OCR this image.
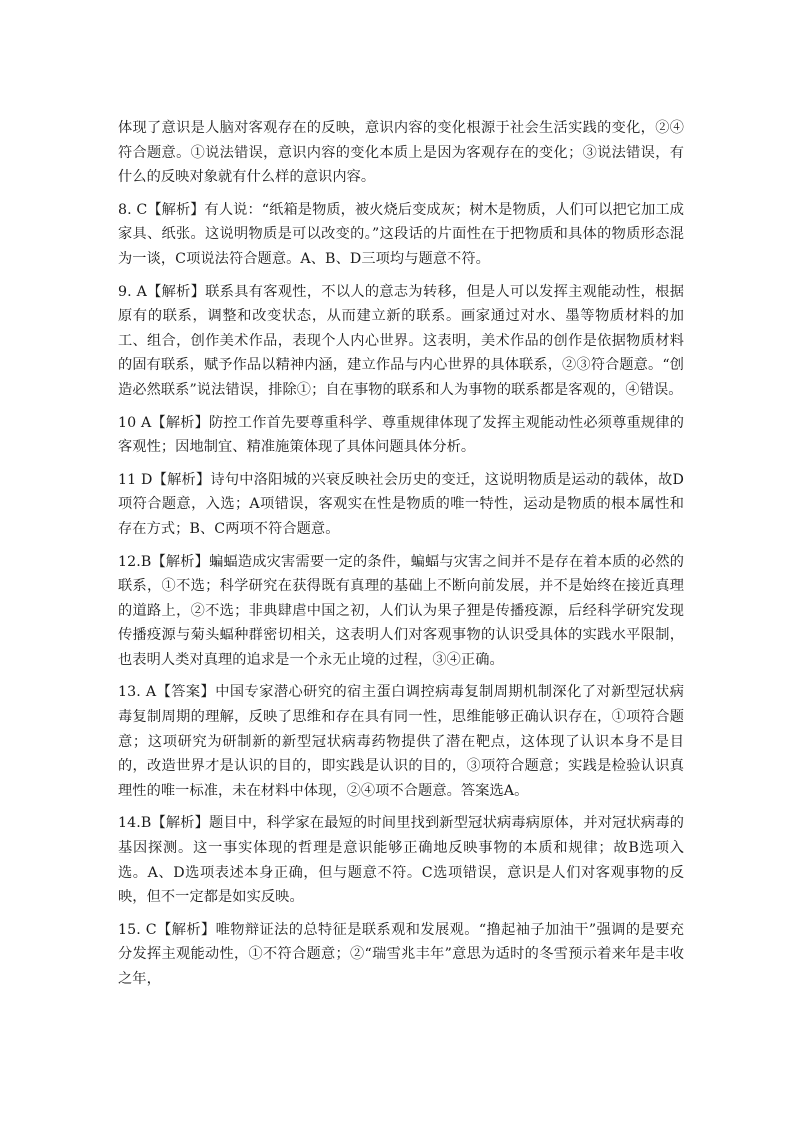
体现了意识是人脑对客观存在的反映，意识内容的变化根源于社会生活实践的变化，②④符合题意。①说法错误，意识内容的变化本质上是因为客观存在的变化；③说法错误，有什么的反映对象就有什么样的意识内容。

8. C【解析】有人说：“纸箱是物质，被火烧后变成灰；树木是物质，人们可以把它加工成家具、纸张。这说明物质是可以改变的。”这段话的片面性在于把物质和具体的物质形态混为一谈，C项说法符合题意。A、B、D三项均与题意不符。

9. A【解析】联系具有客观性，不以人的意志为转移，但是人可以发挥主观能动性，根据原有的联系，调整和改变状态，从而建立新的联系。画家通过对水、墨等物质材料的加工、组合，创作美术作品，表现个人内心世界。这表明，美术作品的创作是依据物质材料的固有联系，赋予作品以精神内涵，建立作品与内心世界的具体联系，②③符合题意。“创造必然联系”说法错误，排除①；自在事物的联系和人为事物的联系都是客观的，④错误。

10 A【解析】防控工作首先要尊重科学、尊重规律体现了发挥主观能动性必须尊重规律的客观性；因地制宜、精准施策体现了具体问题具体分析。

11 D【解析】诗句中洛阳城的兴衰反映社会历史的变迁，这说明物质是运动的载体，故D项符合题意，入选；A项错误，客观实在性是物质的唯一特性，运动是物质的根本属性和存在方式；B、C两项不符合题意。

12.B【解析】蝙蝠造成灾害需要一定的条件，蝙蝠与灾害之间并不是存在着本质的必然的联系，①不选；科学研究在获得既有真理的基础上不断向前发展，并不是始终在接近真理的道路上，②不选；非典肆虐中国之初，人们认为果子狸是传播疫源，后经科学研究发现传播疫源与菊头蝠种群密切相关，这表明人们对客观事物的认识受具体的实践水平限制，也表明人类对真理的追求是一个永无止境的过程，③④正确。

13. A【答案】中国专家潜心研究的宿主蛋白调控病毒复制周期机制深化了对新型冠状病毒复制周期的理解，反映了思维和存在具有同一性，思维能够正确认识存在，①项符合题意；这项研究为研制新的新型冠状病毒药物提供了潜在靶点，这体现了认识本身不是目的，改造世界才是认识的目的，即实践是认识的目的，③项符合题意；实践是检验认识真理性的唯一标准，未在材料中体现，②④项不合题意。答案选A。

14.B【解析】题目中，科学家在最短的时间里找到新型冠状病毒病原体，并对冠状病毒的基因探测。这一事实体现的哲理是意识能够正确地反映事物的本质和规律；故B选项入选。A、D选项表述本身正确，但与题意不符。C选项错误，意识是人们对客观事物的反映，但不一定都是如实反映。

15. C【解析】唯物辩证法的总特征是联系观和发展观。“撸起袖子加油干”强调的是要充分发挥主观能动性，①不符合题意；②“瑞雪兆丰年”意思为适时的冬雪预示着来年是丰收之年，
